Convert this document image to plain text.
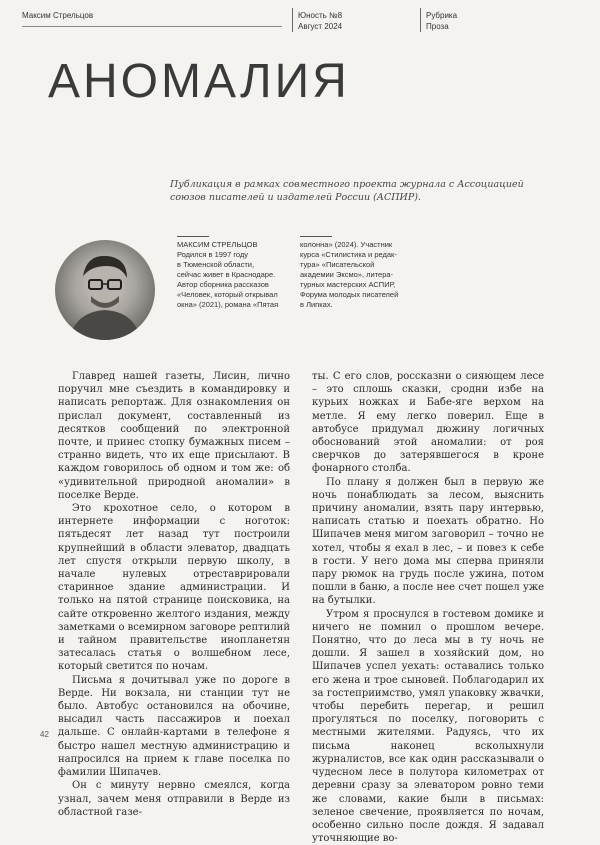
Максим Стрельцов	Юность №8
Август 2024
Рубрика
Проза
АНОМАЛИЯ
Публикация в рамках совместного проекта журнала с Ассоциацией союзов писателей и издателей России (АСПИР).
МАКСИМ СТРЕЛЬЦОВ
Родился в 1997 году
в Тюменской области,
сейчас живет в Краснодаре.
Автор сборника рассказов
«Человек, который открывал
окна» (2021), романа «Пятая
колонна» (2024). Участник
курса «Стилистика и редак-
тура» «Писательской
академии Эксмо», литера-
турных мастерских АСПИР,
Форума молодых писателей
в Липках.

Главред нашей газеты, Лисин, лично поручил мне съездить в командировку и написать репортаж. Для ознакомления он прислал документ, составленный из десятков сообщений по электронной почте, и принес стопку бумажных писем – странно видеть, что их еще присылают. В каждом говорилось об одном и том же: об «удивительной природной аномалии» в поселке Верде.

Это крохотное село, о котором в интернете информации с ноготок: пятьдесят лет назад тут построили крупнейший в области элеватор, двадцать лет спустя открыли первую школу, в начале нулевых отреставрировали старинное здание администрации. И только на пятой странице поисковика, на сайте откровенно желтого издания, между заметками о всемирном заговоре рептилий и тайном правительстве инопланетян затесалась статья о волшебном лесе, который светится по ночам.

Письма я дочитывал уже по дороге в Верде. Ни вокзала, ни станции тут не было. Автобус остановился на обочине, высадил часть пассажиров и поехал дальше. С онлайн-картами в телефоне я быстро нашел местную администрацию и напросился на прием к главе поселка по фамилии Шипачев.

Он с минуту нервно смеялся, когда узнал, зачем меня отправили в Верде из областной газе-

ты. С его слов, россказни о сияющем лесе – это сплошь сказки, сродни избе на курьих ножках и Бабе-яге верхом на метле. Я ему легко поверил. Еще в автобусе придумал дюжину логичных обоснований этой аномалии: от роя сверчков до затерявшегося в кроне фонарного столба.

По плану я должен был в первую же ночь понаблюдать за лесом, выяснить причину аномалии, взять пару интервью, написать статью и поехать обратно. Но Шипачев меня мигом заговорил – точно не хотел, чтобы я ехал в лес, – и повез к себе в гости. У него дома мы сперва приняли пару рюмок на грудь после ужина, потом пошли в баню, а после нее счет пошел уже на бутылки.

Утром я проснулся в гостевом домике и ничего не помнил о прошлом вечере. Понятно, что до леса мы в ту ночь не дошли. Я зашел в хозяйский дом, но Шипачев успел уехать: оставались только его жена и трое сыновей. Поблагодарил их за гостеприимство, умял упаковку жвачки, чтобы перебить перегар, и решил прогуляться по поселку, поговорить с местными жителями. Радуясь, что их письма наконец всколыхнули журналистов, все как один рассказывали о чудесном лесе в полутора километрах от деревни сразу за элеватором ровно теми же словами, какие были в письмах: зеленое свечение, проявляется по ночам, особенно сильно после дождя. Я задавал уточняющие во-

42
